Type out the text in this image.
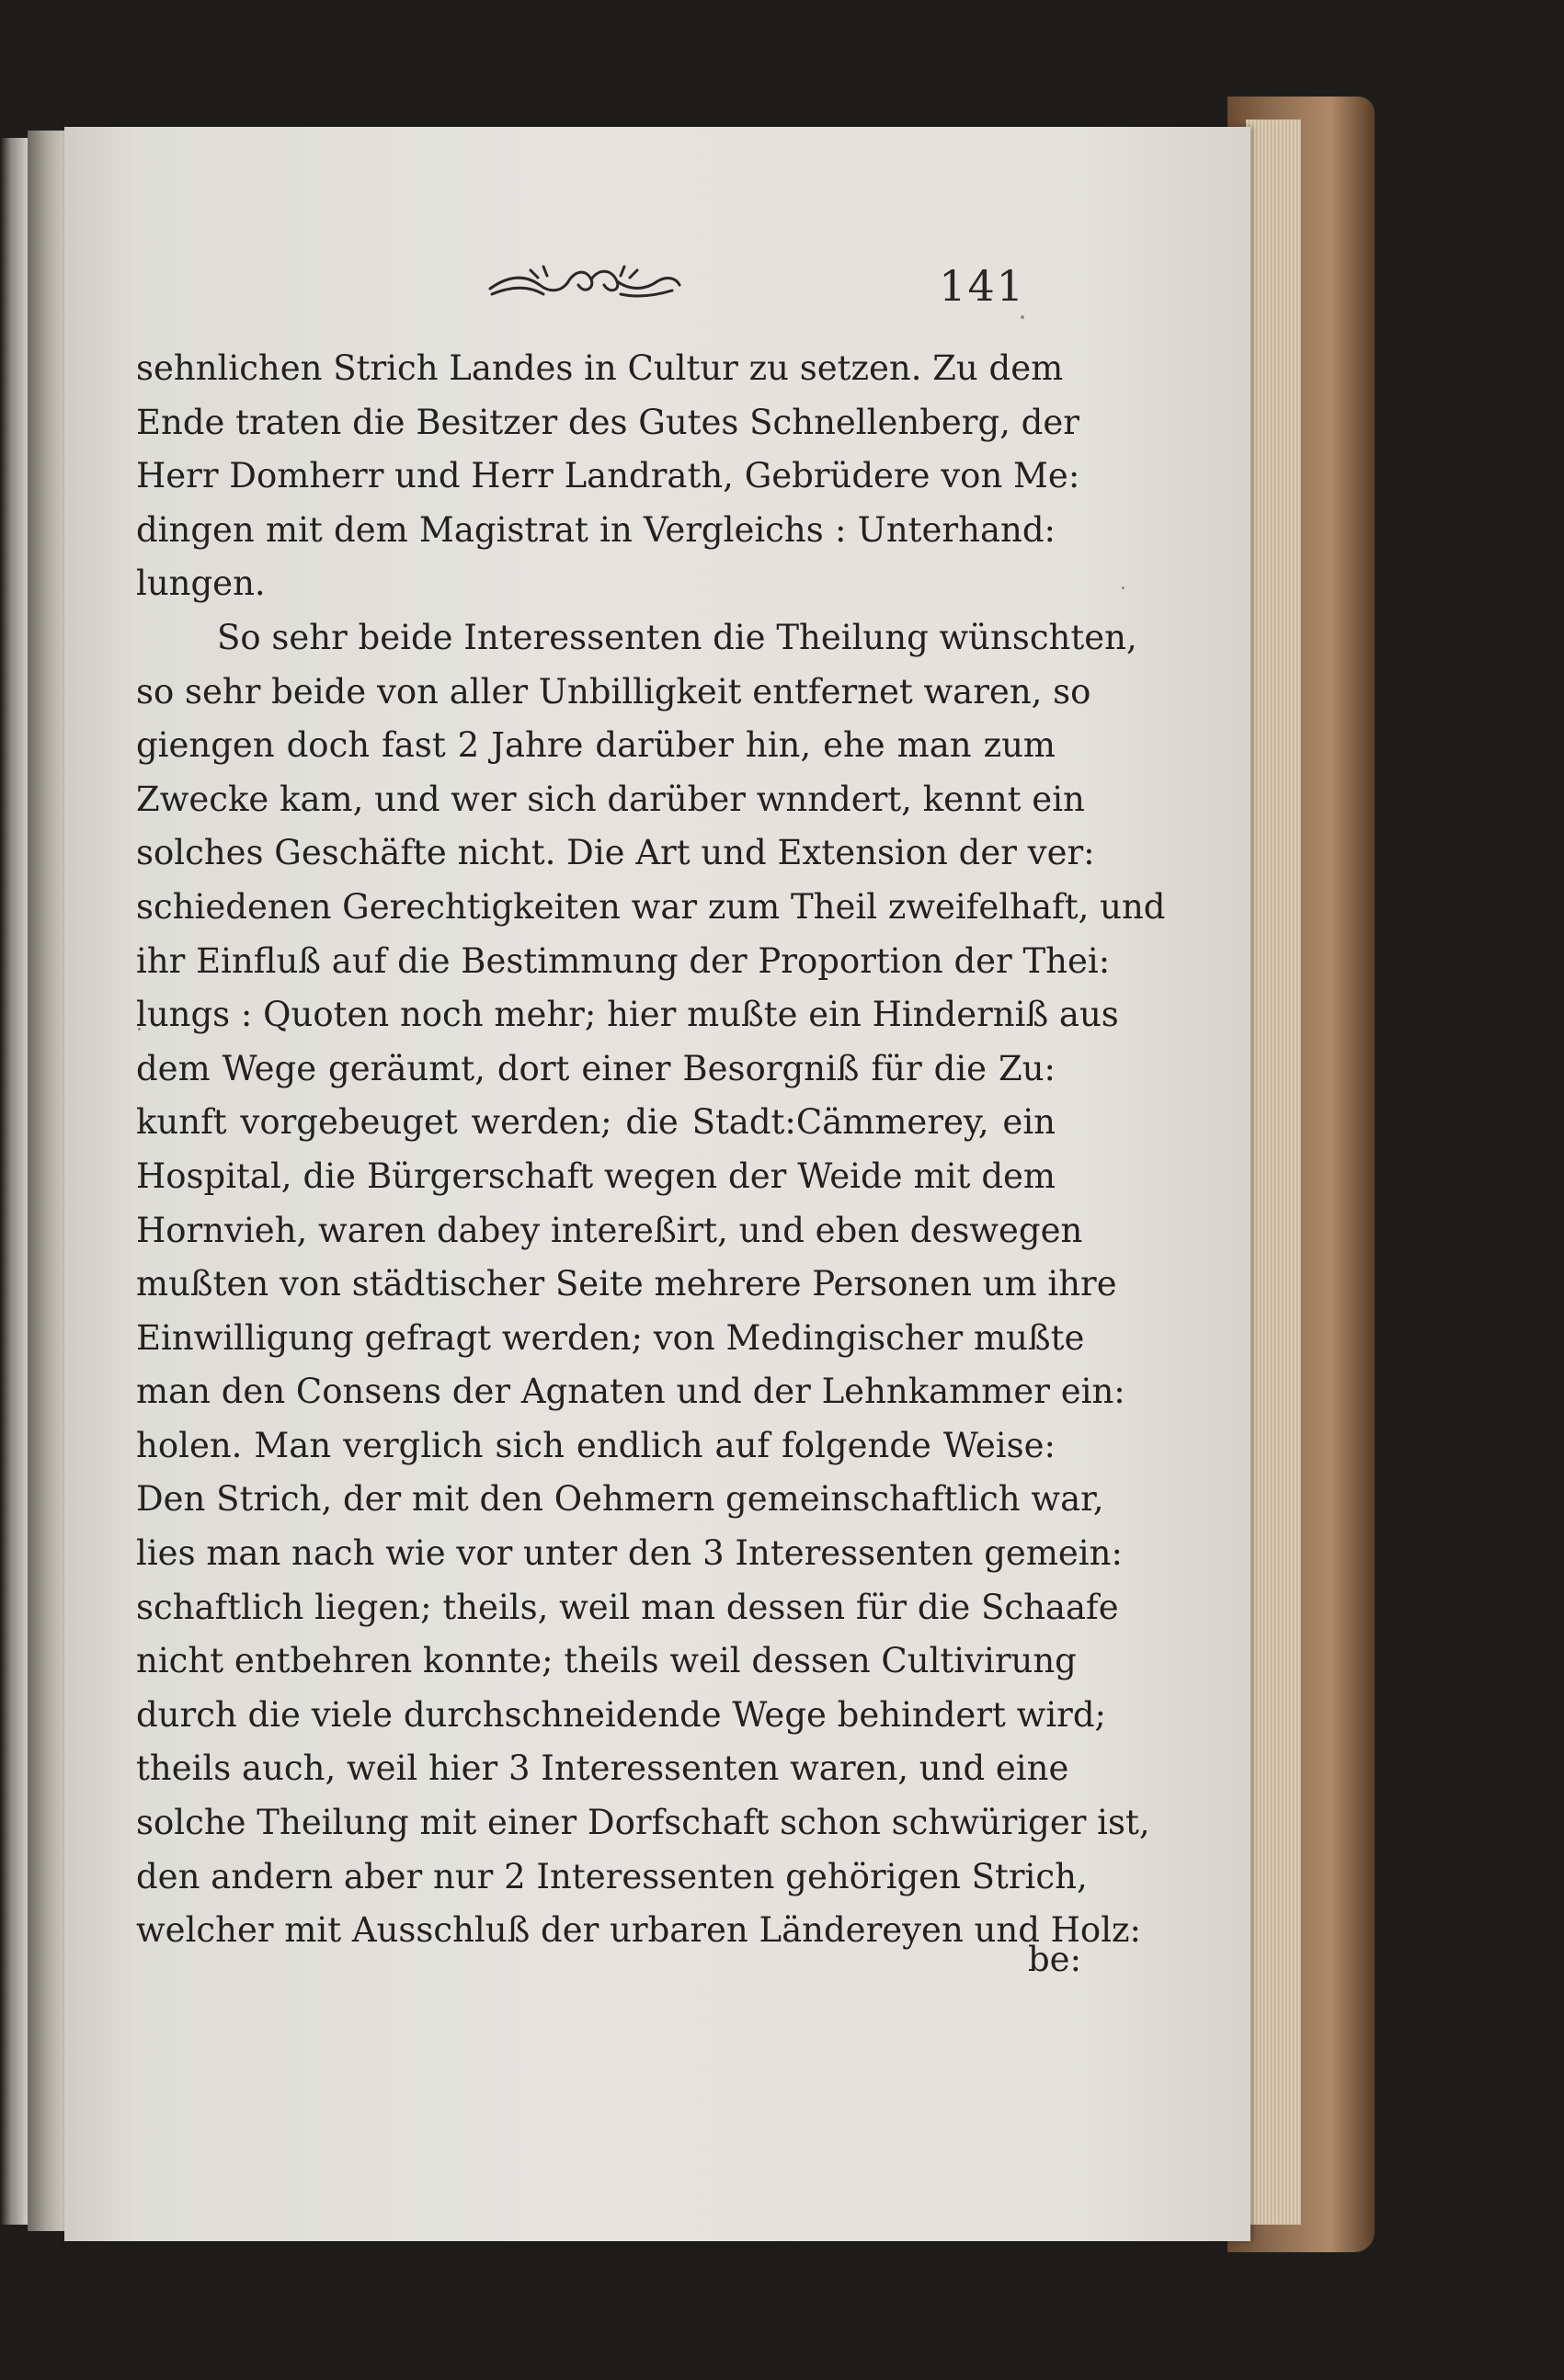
141
sehnlichen Strich Landes in Cultur zu setzen. Zu dem
Ende traten die Besitzer des Gutes Schnellenberg, der
Herr Domherr und Herr Landrath, Gebrüdere von Me:
dingen mit dem Magistrat in Vergleichs : Unterhand:
lungen.
So sehr beide Interessenten die Theilung wünschten,
so sehr beide von aller Unbilligkeit entfernet waren, so
giengen doch fast 2 Jahre darüber hin, ehe man zum
Zwecke kam, und wer sich darüber wnndert, kennt ein
solches Geschäfte nicht. Die Art und Extension der ver:
schiedenen Gerechtigkeiten war zum Theil zweifelhaft, und
ihr Einfluß auf die Bestimmung der Proportion der Thei:
lungs : Quoten noch mehr; hier mußte ein Hinderniß aus
dem Wege geräumt, dort einer Besorgniß für die Zu:
kunft vorgebeuget werden; die Stadt:Cämmerey, ein
Hospital, die Bürgerschaft wegen der Weide mit dem
Hornvieh, waren dabey intereßirt, und eben deswegen
mußten von städtischer Seite mehrere Personen um ihre
Einwilligung gefragt werden; von Medingischer mußte
man den Consens der Agnaten und der Lehnkammer ein:
holen. Man verglich sich endlich auf folgende Weise:
Den Strich, der mit den Oehmern gemeinschaftlich war,
lies man nach wie vor unter den 3 Interessenten gemein:
schaftlich liegen; theils, weil man dessen für die Schaafe
nicht entbehren konnte; theils weil dessen Cultivirung
durch die viele durchschneidende Wege behindert wird;
theils auch, weil hier 3 Interessenten waren, und eine
solche Theilung mit einer Dorfschaft schon schwüriger ist,
den andern aber nur 2 Interessenten gehörigen Strich,
welcher mit Ausschluß der urbaren Ländereyen und Holz:
be:
